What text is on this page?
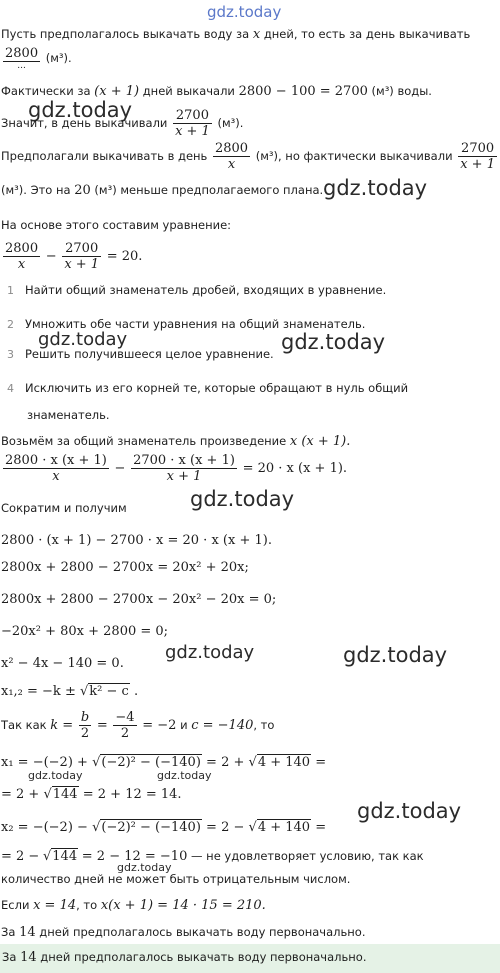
gdz.today
gdz.today
gdz.today
gdz.today	gdz.today
gdz.today
gdz.today	gdz.today
gdz.today	gdz.today
gdz.today
gdz.today
Пусть предполагалось выкачать воду за x дней, то есть за день выкачивать
$\frac{2800}{...} (м^3)$.
Фактически за (x + 1) дней выкачали 2800 − 100 = 2700 (м³) воды.
Значит, в день выкачивали $\frac{2700}{x + 1} (м^3)$.
Предполагали выкачивать в день $\frac{2800}{x} (м^3)$, но фактически выкачивали $\frac{2700}{x + 1}$
(м³). Это на 20 (м³) меньше предполагаемого плана.
На основе этого составим уравнение:
$\frac{2800}{x} - \frac{2700}{x + 1} = 20$.
1 Найти общий знаменатель дробей, входящих в уравнение.
2 Умножить обе части уравнения на общий знаменатель.
3 Решить получившееся целое уравнение.
4 Исключить из его корней те, которые обращают в нуль общий
знаменатель.
Возьмём за общий знаменатель произведение x (x + 1).
$\frac{2800 \cdot x (x + 1)}{x} - \frac{2700 \cdot x (x + 1)}{x + 1} = 20 \cdot x$ (x + 1).
Сократим и получим
2800 · (x + 1) − 2700 · x = 20 · x (x + 1).
2800x + 2800 − 2700x = 20x² + 20x;
2800x + 2800 − 2700x − 20x² − 20x = 0;
−20x² + 80x + 2800 = 0;
x² − 4x − 140 = 0.
x₁,₂ = −k ± √k² − c .
Так как $k = \frac{b}{2} = \frac{-4}{2} = -2$ и c = −140, то
x₁ = −(−2) + √(−2)² − (−140) = 2 + √4 + 140 =
= 2 + √144 = 2 + 12 = 14.
x₂ = −(−2) − √(−2)² − (−140) = 2 − √4 + 140 =
= 2 − √144 = 2 − 12 = −10 — не удовлетворяет условию, так как
количество дней не может быть отрицательным числом.
Если x = 14, то x(x + 1) = 14 · 15 = 210.
За 14 дней предполагалось выкачать воду первоначально.
За 14 дней предполагалось выкачать воду первоначально.
